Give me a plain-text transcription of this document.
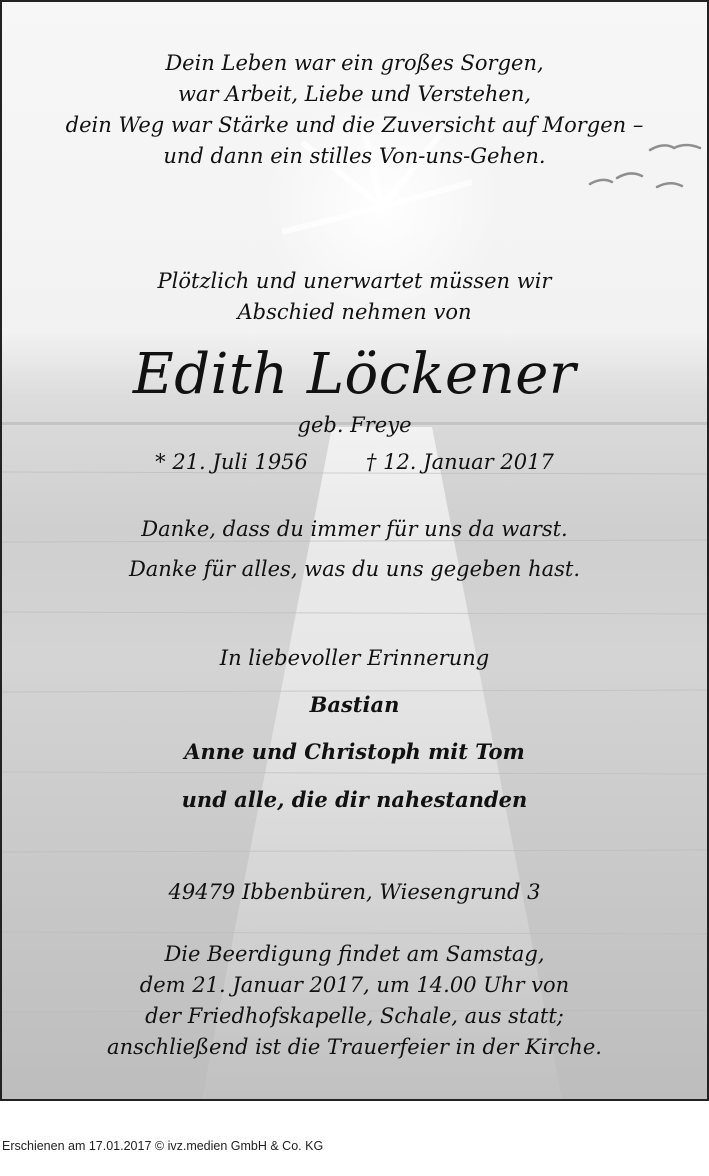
Dein Leben war ein großes Sorgen,
war Arbeit, Liebe und Verstehen,
dein Weg war Stärke und die Zuversicht auf Morgen –
und dann ein stilles Von-uns-Gehen.
Plötzlich und unerwartet müssen wir
Abschied nehmen von
Edith Löckener
geb. Freye
* 21. Juli 1956	† 12. Januar 2017
Danke, dass du immer für uns da warst.
Danke für alles, was du uns gegeben hast.
In liebevoller Erinnerung
Bastian
Anne und Christoph mit Tom
und alle, die dir nahestanden
49479 Ibbenbüren, Wiesengrund 3
Die Beerdigung findet am Samstag,
dem 21. Januar 2017, um 14.00 Uhr von
der Friedhofskapelle, Schale, aus statt;
anschließend ist die Trauerfeier in der Kirche.
Erschienen am 17.01.2017 © ivz.medien GmbH & Co. KG
